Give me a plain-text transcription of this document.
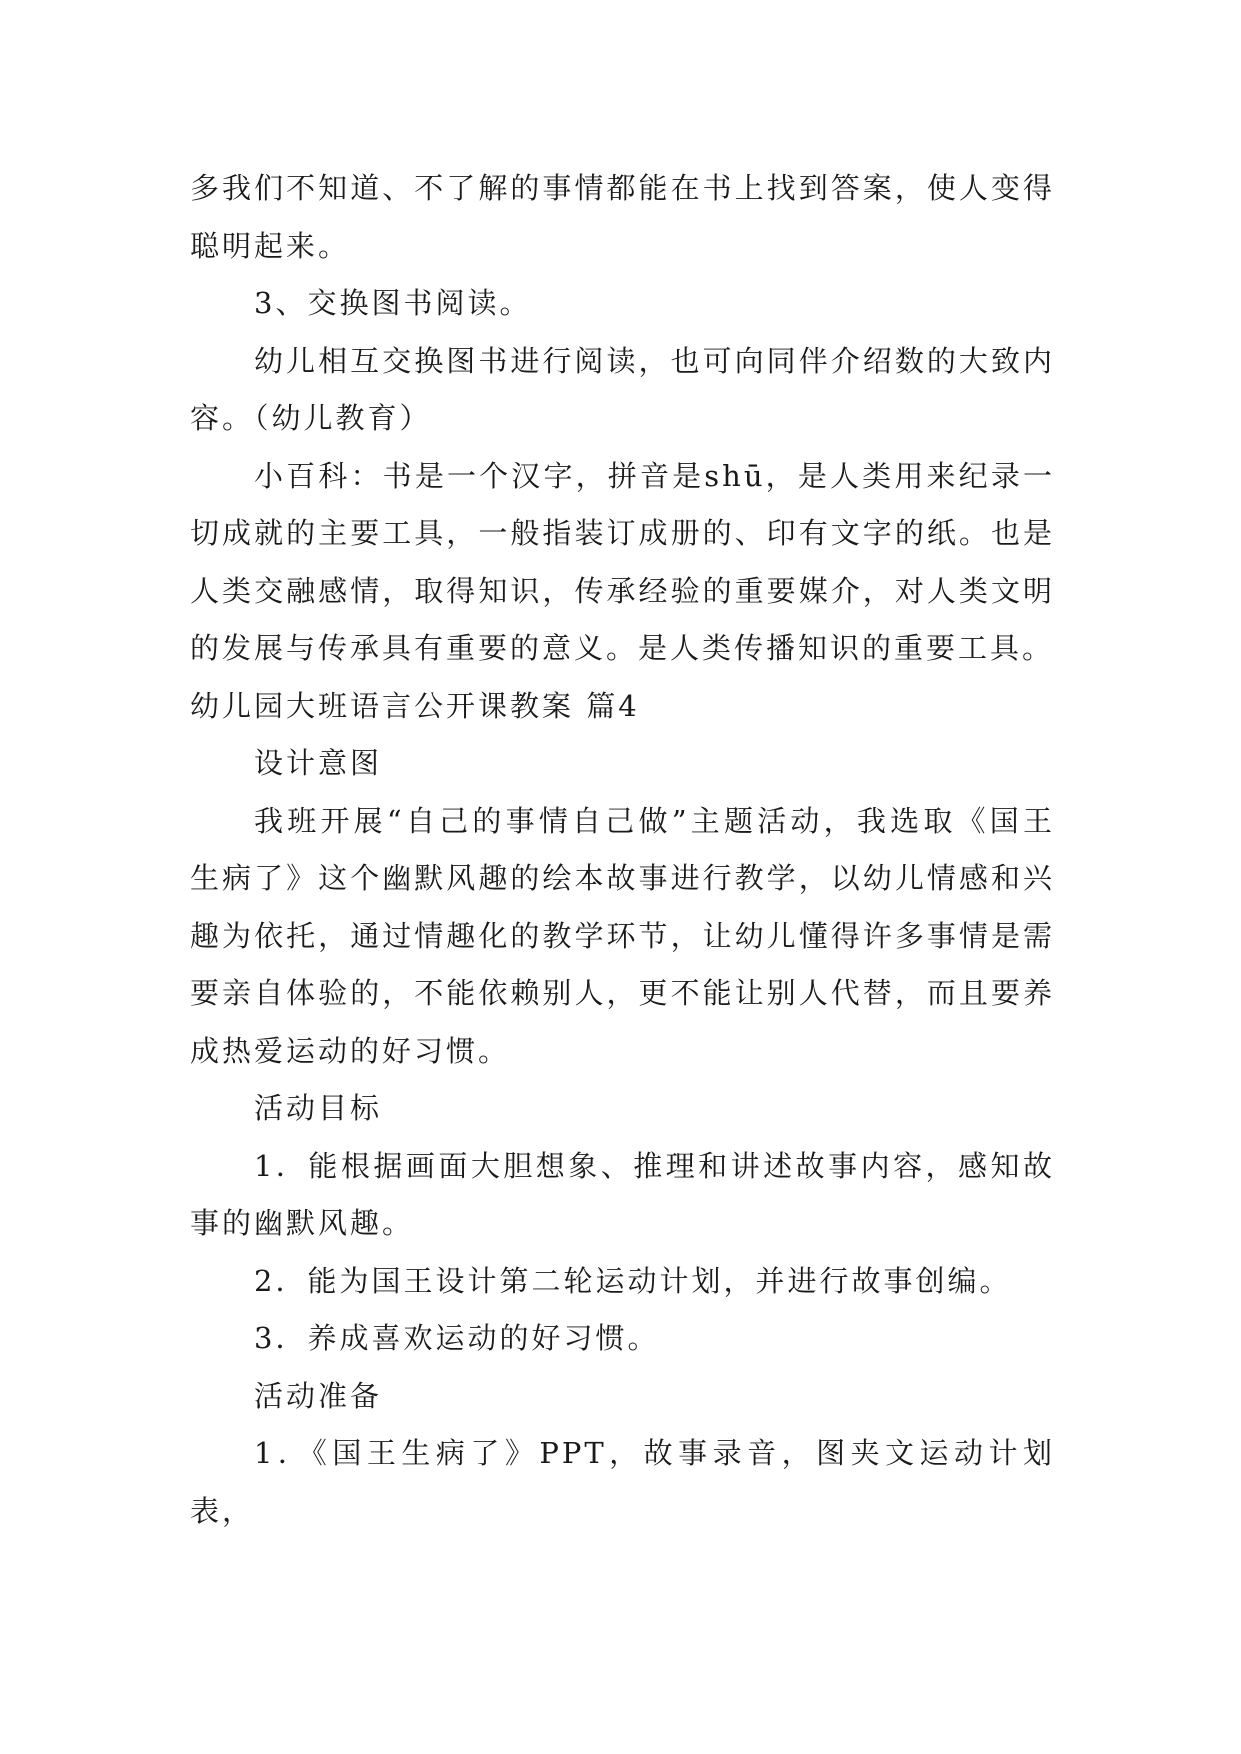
多我们不知道、不了解的事情都能在书上找到答案，使人变得聪明起来。

3、交换图书阅读。

幼儿相互交换图书进行阅读，也可向同伴介绍数的大致内容。（幼儿教育）

小百科：书是一个汉字，拼音是shū，是人类用来纪录一切成就的主要工具，一般指装订成册的、印有文字的纸。也是人类交融感情，取得知识，传承经验的重要媒介，对人类文明的发展与传承具有重要的意义。是人类传播知识的重要工具。

幼儿园大班语言公开课教案 篇4

设计意图

我班开展“自己的事情自己做”主题活动，我选取《国王生病了》这个幽默风趣的绘本故事进行教学，以幼儿情感和兴趣为依托，通过情趣化的教学环节，让幼儿懂得许多事情是需要亲自体验的，不能依赖别人，更不能让别人代替，而且要养成热爱运动的好习惯。

活动目标

1．能根据画面大胆想象、推理和讲述故事内容，感知故事的幽默风趣。

2．能为国王设计第二轮运动计划，并进行故事创编。

3．养成喜欢运动的好习惯。

活动准备

1．《国王生病了》PPT，故事录音，图夹文运动计划表，
